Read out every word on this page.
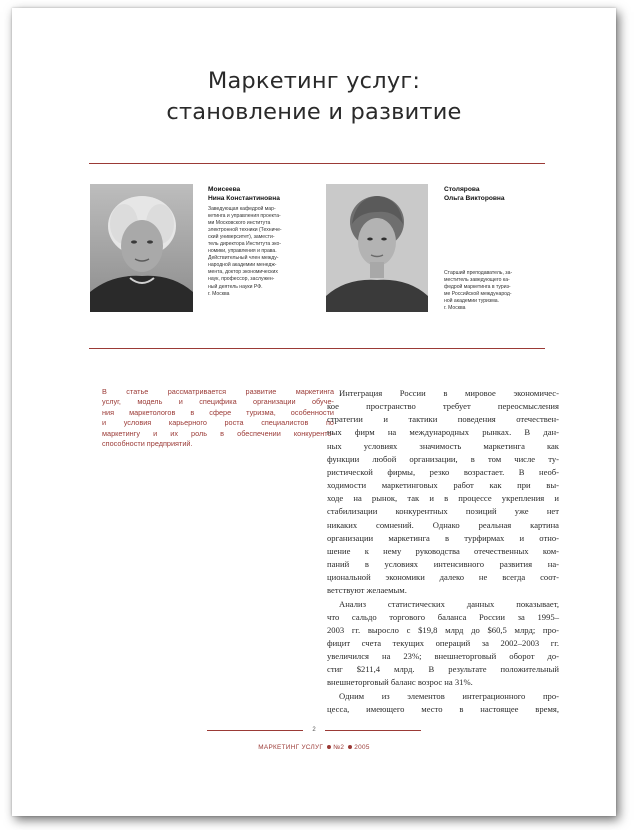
Маркетинг услуг:
становление и развитие
Моисеева
Нина Константиновна
Заведующая кафедрой мар-
кетинга и управления проекта-
ми Московского института
электронной техники (Техниче-
ский университет), замести-
тель директора Института эко-
номики, управления и права.
Действительный член между-
народной академии менедж-
мента, доктор экономических
наук, профессор, заслужен-
ный деятель науки РФ.
г. Москва
Столярова
Ольга Викторовна
Старший преподаватель, за-
меститель заведующего ка-
федрой маркетинга в туриз-
ме Российской международ-
ной академии туризма.
г. Москва
В статье рассматривается развитие маркетинга
услуг, модель и специфика организации обуче-
ния маркетологов в сфере туризма, особенности
и условия карьерного роста специалистов по
маркетингу и их роль в обеспечении конкуренто-
способности предприятий.
Интеграция России в мировое экономичес-
кое пространство требует переосмысления
стратегии и тактики поведения отечествен-
ных фирм на международных рынках. В дан-
ных условиях значимость маркетинга как
функции любой организации, в том числе ту-
ристической фирмы, резко возрастает. В необ-
ходимости маркетинговых работ как при вы-
ходе на рынок, так и в процессе укрепления и
стабилизации конкурентных позиций уже нет
никаких сомнений. Однако реальная картина
организации маркетинга в турфирмах и отно-
шение к нему руководства отечественных ком-
паний в условиях интенсивного развития на-
циональной экономики далеко не всегда соот-
ветствуют желаемым.
Анализ статистических данных показывает,
что сальдо торгового баланса России за 1995–
2003 гг. выросло с $19,8 млрд до $60,5 млрд; про-
фицит счета текущих операций за 2002–2003 гг.
увеличился на 23%; внешнеторговый оборот до-
стиг $211,4 млрд. В результате положительный
внешнеторговый баланс возрос на 31%.
Одним из элементов интеграционного про-
цесса, имеющего место в настоящее время,
2
МАРКЕТИНГ УСЛУГ №2 2005
